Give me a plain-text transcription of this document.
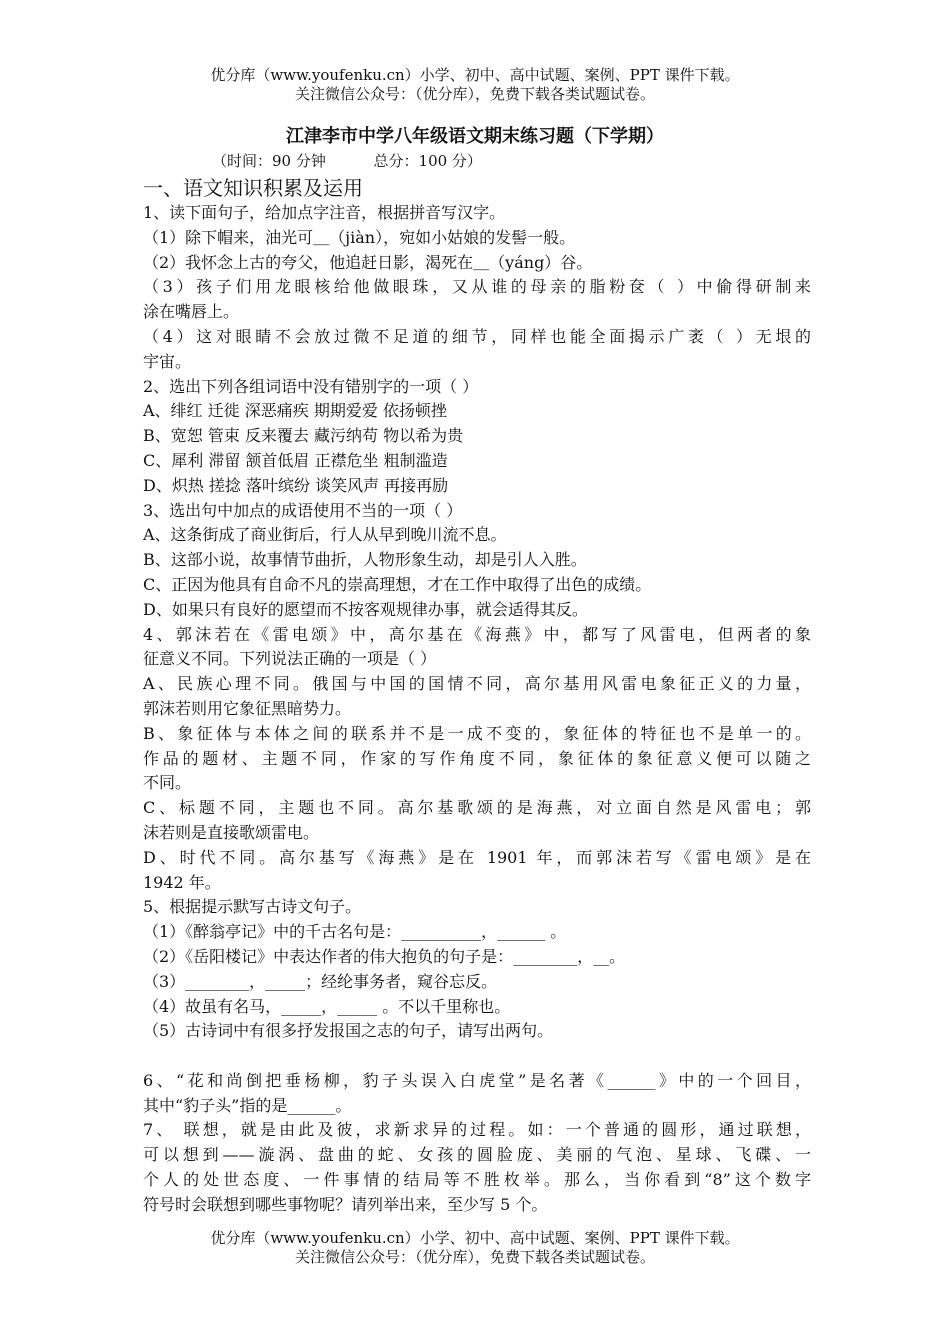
优分库（www.youfenku.cn）小学、初中、高中试题、案例、PPT 课件下载。
关注微信公众号：（优分库），免费下载各类试题试卷。
江津李市中学八年级语文期末练习题（下学期）
（时间：90 分钟          总分：100 分）
一、语文知识积累及运用
1、读下面句子，给加点字注音，根据拼音写汉字。
（1）除下帽来，油光可＿（jiàn），宛如小姑娘的发髻一般。
（2）我怀念上古的夸父，他追赶日影，渴死在＿（yáng）谷。
（3）孩子们用龙眼核给他做眼珠，又从谁的母亲的脂粉奁（ ）中偷得研制来
涂在嘴唇上。
（4）这对眼睛不会放过微不足道的细节，同样也能全面揭示广袤（ ）无垠的
宇宙。
2、选出下列各组词语中没有错别字的一项（ ）
A、绯红 迁徙 深恶痛疾 期期爱爱 依扬顿挫
B、宽恕 管束 反来覆去 藏污纳苟 物以希为贵
C、犀利 滞留 颔首低眉 正襟危坐 粗制滥造
D、炽热 搓捻 落叶缤纷 谈笑风声 再接再励
3、选出句中加点的成语使用不当的一项（ ）
A、这条街成了商业街后，行人从早到晚川流不息。
B、这部小说，故事情节曲折，人物形象生动，却是引人入胜。
C、正因为他具有自命不凡的崇高理想，才在工作中取得了出色的成绩。
D、如果只有良好的愿望而不按客观规律办事，就会适得其反。
4、郭沫若在《雷电颂》中，高尔基在《海燕》中，都写了风雷电，但两者的象
征意义不同。下列说法正确的一项是（ ）
A、民族心理不同。俄国与中国的国情不同，高尔基用风雷电象征正义的力量，
郭沫若则用它象征黑暗势力。
B、象征体与本体之间的联系并不是一成不变的，象征体的特征也不是单一的。
作品的题材、主题不同，作家的写作角度不同，象征体的象征意义便可以随之
不同。
C、标题不同，主题也不同。高尔基歌颂的是海燕，对立面自然是风雷电；郭
沫若则是直接歌颂雷电。
D、时代不同。高尔基写《海燕》是在 1901 年，而郭沫若写《雷电颂》是在
1942 年。
5、根据提示默写古诗文句子。
（1）《醉翁亭记》中的千古名句是：__________，______ 。
（2）《岳阳楼记》中表达作者的伟大抱负的句子是：________，__。
（3）________，_____；经纶事务者，窥谷忘反。
（4）故虽有名马，_____，_____ 。不以千里称也。
（5）古诗词中有很多抒发报国之志的句子，请写出两句。
6、“花和尚倒把垂杨柳，豹子头误入白虎堂”是名著《______》中的一个回目，
其中“豹子头”指的是______。
7、 联想，就是由此及彼，求新求异的过程。如：一个普通的圆形，通过联想，
可以想到——漩涡、盘曲的蛇、女孩的圆脸庞、美丽的气泡、星球、飞碟、一
个人的处世态度、一件事情的结局等不胜枚举。那么，当你看到“8”这个数字
符号时会联想到哪些事物呢？请列举出来，至少写 5 个。
优分库（www.youfenku.cn）小学、初中、高中试题、案例、PPT 课件下载。
关注微信公众号：（优分库），免费下载各类试题试卷。
